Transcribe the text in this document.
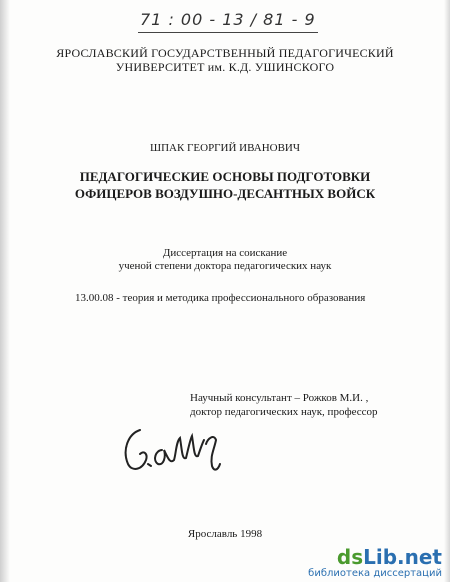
71 : 00 - 13 / 81 - 9
ЯРОСЛАВСКИЙ ГОСУДАРСТВЕННЫЙ ПЕДАГОГИЧЕСКИЙ
УНИВЕРСИТЕТ им. К.Д. УШИНСКОГО
ШПАК ГЕОРГИЙ ИВАНОВИЧ
ПЕДАГОГИЧЕСКИЕ ОСНОВЫ ПОДГОТОВКИ
ОФИЦЕРОВ ВОЗДУШНО-ДЕСАНТНЫХ ВОЙСК
Диссертация на соискание
ученой степени доктора педагогических наук
13.00.08 - теория и методика профессионального образования
Научный консультант – Рожков М.И. ,
доктор педагогических наук, профессор
Ярославль 1998
dsLib.net
библиотека диссертаций
